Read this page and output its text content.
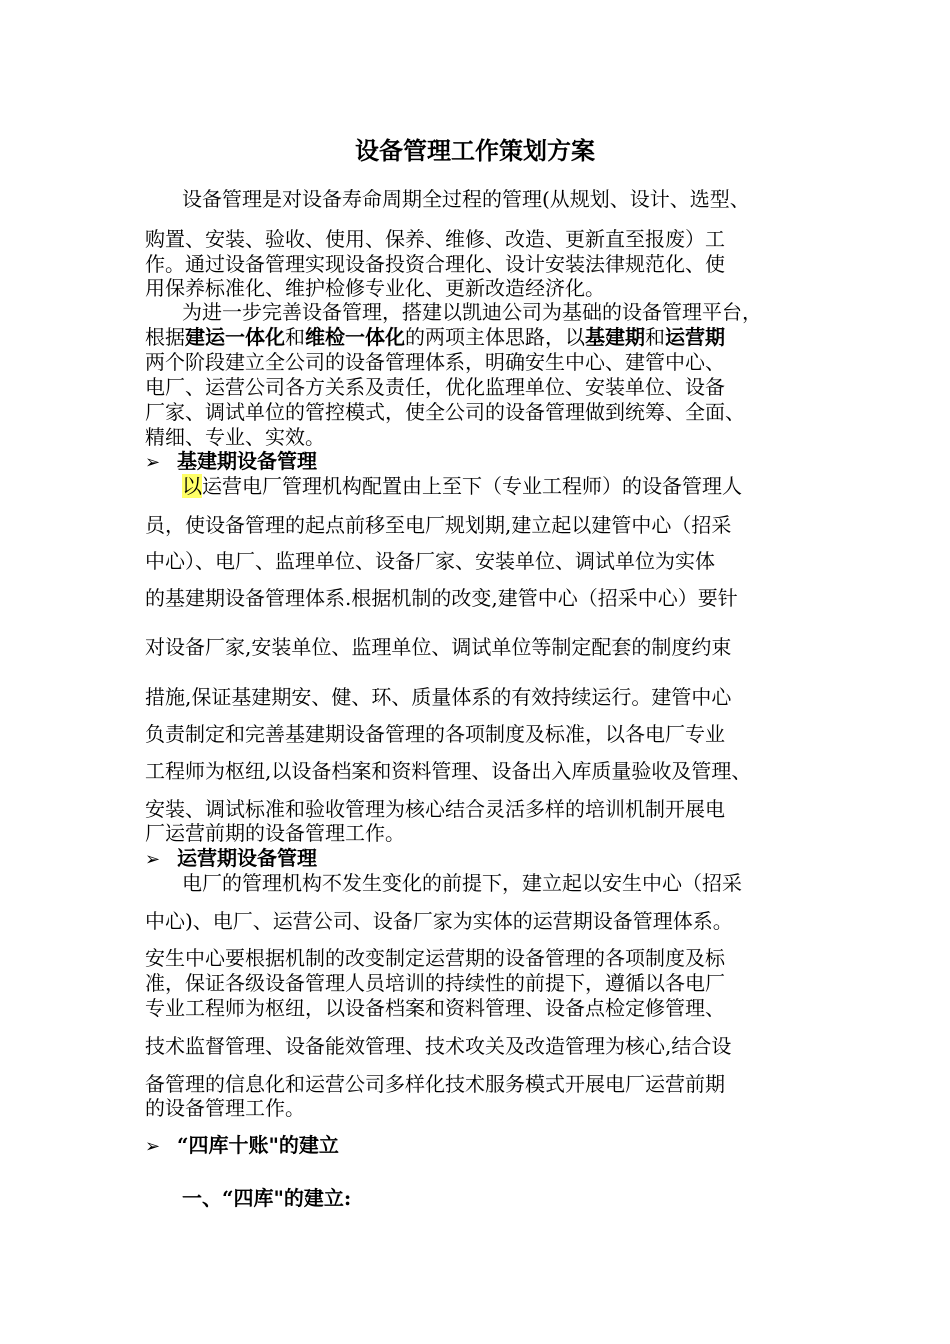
设备管理工作策划方案
设备管理是对设备寿命周期全过程的管理(从规划、设计、选型、
购置、安装、验收、使用、保养、维修、改造、更新直至报废）工
作。通过设备管理实现设备投资合理化、设计安装法律规范化、使
用保养标准化、维护检修专业化、更新改造经济化。
为进一步完善设备管理，搭建以凯迪公司为基础的设备管理平台，
根据建运一体化和维检一体化的两项主体思路，以基建期和运营期
两个阶段建立全公司的设备管理体系，明确安生中心、建管中心、
电厂、运营公司各方关系及责任，优化监理单位、安装单位、设备
厂家、调试单位的管控模式，使全公司的设备管理做到统筹、全面、
精细、专业、实效。
➢ 基建期设备管理
以运营电厂管理机构配置由上至下（专业工程师）的设备管理人
员，使设备管理的起点前移至电厂规划期,建立起以建管中心（招采
中心）、电厂、监理单位、设备厂家、安装单位、调试单位为实体
的基建期设备管理体系.根据机制的改变,建管中心（招采中心）要针
对设备厂家,安装单位、监理单位、调试单位等制定配套的制度约束
措施,保证基建期安、健、环、质量体系的有效持续运行。建管中心
负责制定和完善基建期设备管理的各项制度及标准，以各电厂专业
工程师为枢纽,以设备档案和资料管理、设备出入库质量验收及管理、
安装、调试标准和验收管理为核心结合灵活多样的培训机制开展电
厂运营前期的设备管理工作。
➢ 运营期设备管理
电厂的管理机构不发生变化的前提下，建立起以安生中心（招采
中心)、电厂、运营公司、设备厂家为实体的运营期设备管理体系。
安生中心要根据机制的改变制定运营期的设备管理的各项制度及标
准，保证各级设备管理人员培训的持续性的前提下，遵循以各电厂
专业工程师为枢纽，以设备档案和资料管理、设备点检定修管理、
技术监督管理、设备能效管理、技术攻关及改造管理为核心,结合设
备管理的信息化和运营公司多样化技术服务模式开展电厂运营前期
的设备管理工作。
➢ “四库十账"的建立
一、“四库"的建立:
